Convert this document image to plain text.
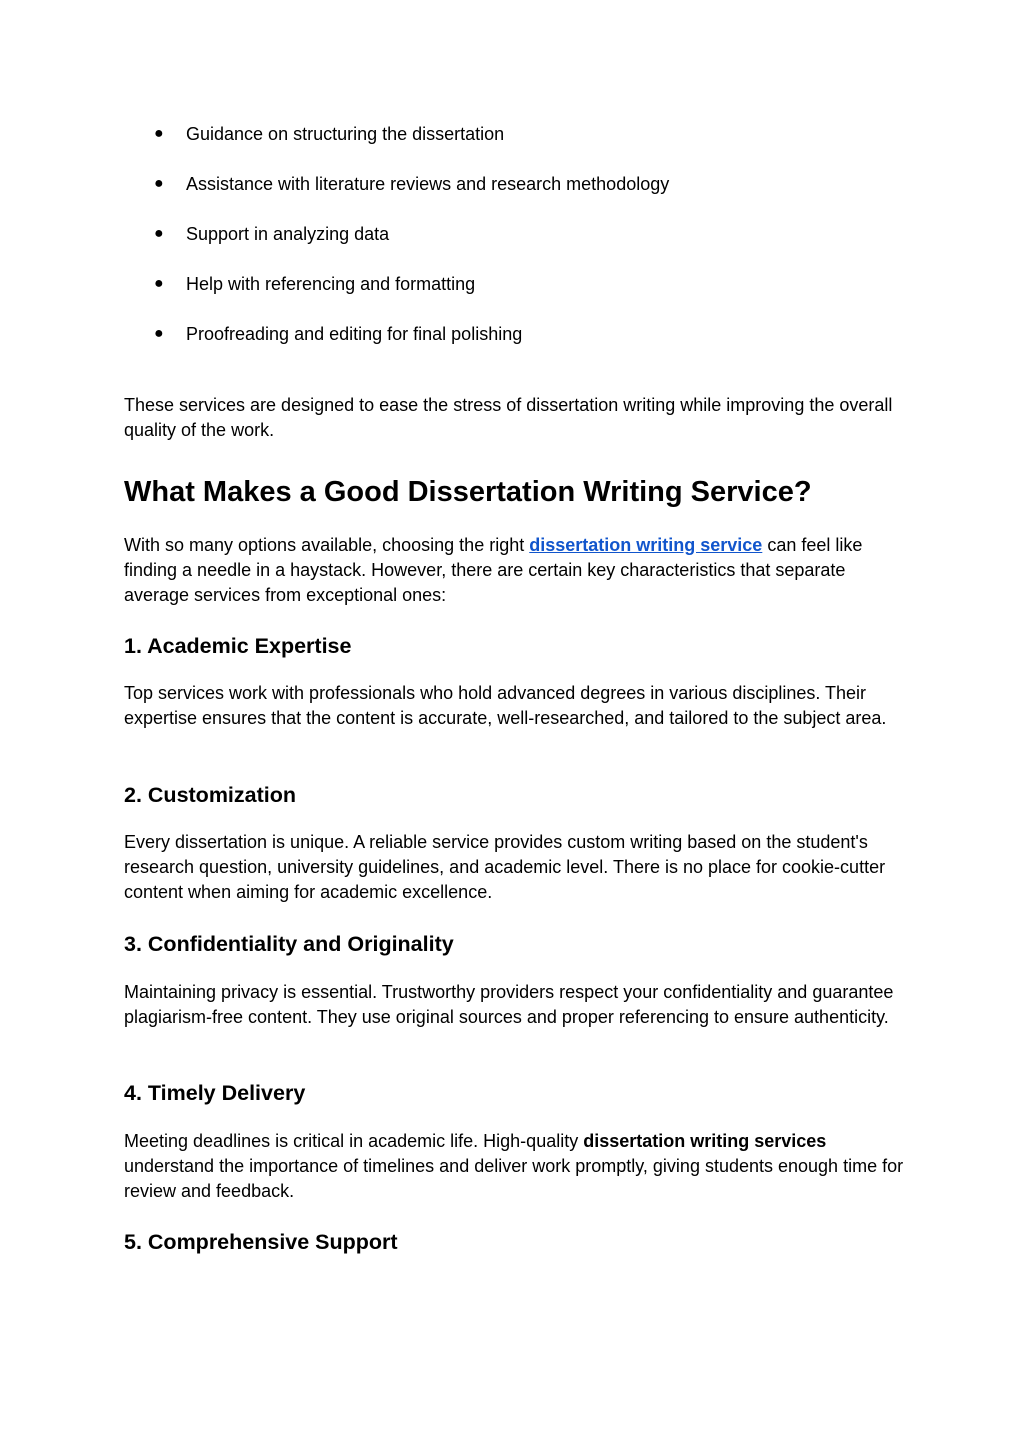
● Guidance on structuring the dissertation
● Assistance with literature reviews and research methodology
● Support in analyzing data
● Help with referencing and formatting
● Proofreading and editing for final polishing

These services are designed to ease the stress of dissertation writing while improving the overall quality of the work.

What Makes a Good Dissertation Writing Service?

With so many options available, choosing the right dissertation writing service can feel like finding a needle in a haystack. However, there are certain key characteristics that separate average services from exceptional ones:

1. Academic Expertise

Top services work with professionals who hold advanced degrees in various disciplines. Their expertise ensures that the content is accurate, well-researched, and tailored to the subject area.

2. Customization

Every dissertation is unique. A reliable service provides custom writing based on the student's research question, university guidelines, and academic level. There is no place for cookie-cutter content when aiming for academic excellence.

3. Confidentiality and Originality

Maintaining privacy is essential. Trustworthy providers respect your confidentiality and guarantee plagiarism-free content. They use original sources and proper referencing to ensure authenticity.

4. Timely Delivery

Meeting deadlines is critical in academic life. High-quality dissertation writing services understand the importance of timelines and deliver work promptly, giving students enough time for review and feedback.

5. Comprehensive Support
